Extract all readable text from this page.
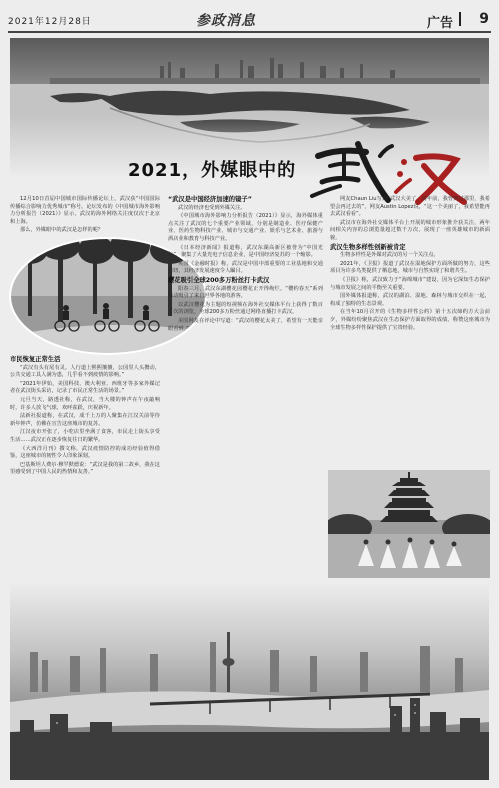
2021年12月28日	参政消息	广告 9
2021，外媒眼中的

12月10日首届中国城市国际传播论坛上，武汉获“中国国际传播综合影响力优秀城市”称号。论坛发布的《中国城市海外影响力分析报告（2021）》显示，武汉的海外网络关注度仅次于北京和上海。

那么，外媒眼中的武汉是怎样的呢？

市民恢复正常生活

“武汉有头有尾有灵。人行道上熙熙攘攘，公园里人头攒动，公共交通工具人满为患，几乎看不到疫情的影响。”

“2021年伊始，美国科技、澳大利亚、西班牙等多家外媒记者在武汉街头采访，记录了市民正常生活的场景。”

元旦当天，路透社称，在武汉，当大楼的钟声在午夜敲响时，许多人放飞气球，欢呼雀跃，庆祝新年。

法新社报道称，在武汉，成千上万的人聚集在江汉关前等待新年钟声，仿佛在宣告这座城市的复苏。

江汉夜市开张了，小吃店里坐满了食客，市民走上街头享受生活……武汉正在逐步恢复往日的繁华。

《大西洋月刊》撰文称，武汉疫情防控的成功经验值得借鉴，这座城市的韧性令人印象深刻。

巴基斯坦人费尔·穆罕默德说：“武汉是我的第二故乡，我在这里感受到了中国人民的热情和友善。”

“武汉是中国经济加速的镜子”

武汉的经济也受到外媒关注。

《中国城市海外影响力分析报告（2021）》显示，海外媒体重点关注了武汉的七个重要产业领域，分别是制造业、医疗保健产业、医药生物科技产业、城市与交通产业、娱乐与艺术业、旅游与酒店业和教育与科技产业。

《日本经济新闻》报道称，武汉东湖高新区被誉为“中国光谷”，聚集了大量光电子信息企业，是中国经济复苏的一个缩影。

英国《金融时报》称，武汉是中国中部重要的工业基地和交通枢纽，其经济发展速度令人瞩目。

樱花吸引全球200多万粉丝打卡武汉

阳春三月，武汉东湖樱花园樱花正开得绚烂。“樱约春天”系列活动吸引了来自世界各地的游客。

以武汉樱花为主题的短视频在海外社交媒体平台上获得了数百万次的浏览，全球200多万粉丝通过网络直播打卡武汉。

美国网友在评论中写道：“武汉的樱花太美了，希望有一天能亲眼看到。”

网友Chaun Liu写到“武汉大美了，周年前，我曾到过那里，我希望会再过去的”，网友Austin Lopez说，“这一个美丽了，我希望能再去武汉看看”。

武汉市在海外社交媒体平台上开展的城市形象推介获关注，两年间相关内容的总浏览量超过数千万次，展现了一座英雄城市的新面貌。

武汉生物多样性创新被肯定

生物多样性是外媒对武汉的另一个关注点。

2021年，《卫报》报道了武汉在湿地保护方面所做的努力，这些项目为许多鸟类提供了栖息地，城市与自然实现了和谐共生。

《卫报》称，武汉致力于“海绵城市”建设，因为它深知生态保护与城市发展之间的平衡至关重要。

国外媒体报道称，武汉的湖泊、湿地、森林与城市交织在一起，构成了独特的生态景观。

在当年10月召开的《生物多样性公约》第十五次缔约方大会前夕，外媒纷纷聚焦武汉在生态保护方面取得的成绩，称赞这座城市为全球生物多样性保护提供了宝贵经验。
